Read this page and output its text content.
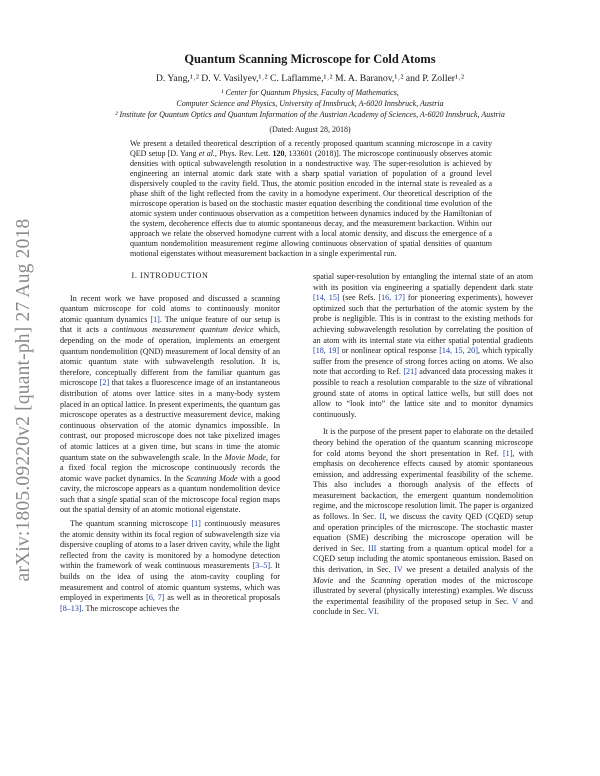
arXiv:1805.09220v2 [quant-ph] 27 Aug 2018
Quantum Scanning Microscope for Cold Atoms
D. Yang,¹˒² D. V. Vasilyev,¹˒² C. Laflamme,¹˒² M. A. Baranov,¹˒² and P. Zoller¹˒²
¹ Center for Quantum Physics, Faculty of Mathematics,
Computer Science and Physics, University of Innsbruck, A-6020 Innsbruck, Austria
² Institute for Quantum Optics and Quantum Information of the Austrian Academy of Sciences, A-6020 Innsbruck, Austria
(Dated: August 28, 2018)
We present a detailed theoretical description of a recently proposed quantum scanning microscope in a cavity QED setup [D. Yang et al., Phys. Rev. Lett. 120, 133601 (2018)]. The microscope continuously observes atomic densities with optical subwavelength resolution in a nondestructive way. The super-resolution is achieved by engineering an internal atomic dark state with a sharp spatial variation of population of a ground level dispersively coupled to the cavity field. Thus, the atomic position encoded in the internal state is revealed as a phase shift of the light reflected from the cavity in a homodyne experiment. Our theoretical description of the microscope operation is based on the stochastic master equation describing the conditional time evolution of the atomic system under continuous observation as a competition between dynamics induced by the Hamiltonian of the system, decoherence effects due to atomic spontaneous decay, and the measurement backaction. Within our approach we relate the observed homodyne current with a local atomic density, and discuss the emergence of a quantum nondemolition measurement regime allowing continuous observation of spatial densities of quantum motional eigenstates without measurement backaction in a single experimental run.
I. INTRODUCTION

In recent work we have proposed and discussed a scanning quantum microscope for cold atoms to continuously monitor atomic quantum dynamics [1]. The unique feature of our setup is that it acts a continuous measurement quantum device which, depending on the mode of operation, implements an emergent quantum nondemolition (QND) measurement of local density of an atomic quantum state with subwavelength resolution. It is, therefore, conceptually different from the familiar quantum gas microscope [2] that takes a fluorescence image of an instantaneous distribution of atoms over lattice sites in a many-body system placed in an optical lattice. In present experiments, the quantum gas microscope operates as a destructive measurement device, making continuous observation of the atomic dynamics impossible. In contrast, our proposed microscope does not take pixelized images of atomic lattices at a given time, but scans in time the atomic quantum state on the subwavelength scale. In the Movie Mode, for a fixed focal region the microscope continuously records the atomic wave packet dynamics. In the Scanning Mode with a good cavity, the microscope appears as a quantum nondemolition device such that a single spatial scan of the microscope focal region maps out the spatial density of an atomic motional eigenstate.

The quantum scanning microscope [1] continuously measures the atomic density within its focal region of subwavelength size via dispersive coupling of atoms to a laser driven cavity, while the light reflected from the cavity is monitored by a homodyne detection within the framework of weak continuous measurements [3–5]. It builds on the idea of using the atom-cavity coupling for measurement and control of atomic quantum systems, which was employed in experiments [6, 7] as well as in theoretical proposals [8–13]. The microscope achieves the

spatial super-resolution by entangling the internal state of an atom with its position via engineering a spatially dependent dark state [14, 15] (see Refs. [16, 17] for pioneering experiments), however optimized such that the perturbation of the atomic system by the probe is negligible. This is in contrast to the existing methods for achieving subwavelength resolution by correlating the position of an atom with its internal state via either spatial potential gradients [18, 19] or nonlinear optical response [14, 15, 20], which typically suffer from the presence of strong forces acting on atoms. We also note that according to Ref. [21] advanced data processing makes it possible to reach a resolution comparable to the size of vibrational ground state of atoms in optical lattice wells, but still does not allow to “look into” the lattice site and to monitor dynamics continuously.

It is the purpose of the present paper to elaborate on the detailed theory behind the operation of the quantum scanning microscope for cold atoms beyond the short presentation in Ref. [1], with emphasis on decoherence effects caused by atomic spontaneous emission, and addressing experimental feasibility of the scheme. This also includes a thorough analysis of the effects of measurement backaction, the emergent quantum nondemolition regime, and the microscope resolution limit. The paper is organized as follows. In Sec. II, we discuss the cavity QED (CQED) setup and operation principles of the microscope. The stochastic master equation (SME) describing the microscope operation will be derived in Sec. III starting from a quantum optical model for a CQED setup including the atomic spontaneous emission. Based on this derivation, in Sec. IV we present a detailed analysis of the Movie and the Scanning operation modes of the microscope illustrated by several (physically interesting) examples. We discuss the experimental feasibility of the proposed setup in Sec. V and conclude in Sec. VI.
